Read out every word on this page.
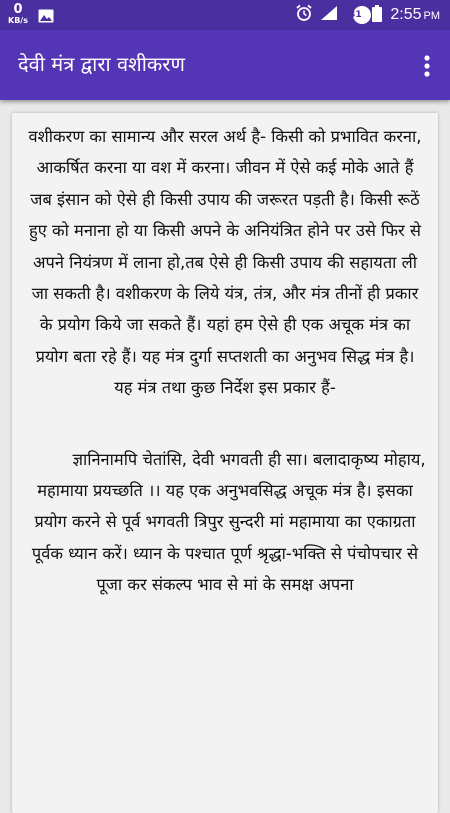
0
KB/s
31 2:55 PM
देवी मंत्र द्वारा वशीकरण

वशीकरण का सामान्य और सरल अर्थ है- किसी को प्रभावित करना, आकर्षित करना या वश में करना। जीवन में ऐसे कई मोके आते हैं जब इंसान को ऐसे ही किसी उपाय की जरूरत पड़ती है। किसी रूठें हुए को मनाना हो या किसी अपने के अनियंत्रित होने पर उसे फिर से अपने नियंत्रण में लाना हो,तब ऐसे ही किसी उपाय की सहायता ली जा सकती है। वशीकरण के लिये यंत्र, तंत्र, और मंत्र तीनों ही प्रकार के प्रयोग किये जा सकते हैं। यहां हम ऐसे ही एक अचूक मंत्र का प्रयोग बता रहे हैं। यह मंत्र दुर्गा सप्तशती का अनुभव सिद्ध मंत्र है। यह मंत्र तथा कुछ निर्देश इस प्रकार हैं-

ज्ञानिनामपि चेतांसि, देवी भगवती ही सा। बलादाकृष्य मोहाय, महामाया प्रयच्छति ।। यह एक अनुभवसिद्ध अचूक मंत्र है। इसका प्रयोग करने से पूर्व भगवती त्रिपुर सुन्दरी मां महामाया का एकाग्रता पूर्वक ध्यान करें। ध्यान के पश्चात पूर्ण श्रृद्धा-भक्ति से पंचोपचार से पूजा कर संकल्प भाव से मां के समक्ष अपना
